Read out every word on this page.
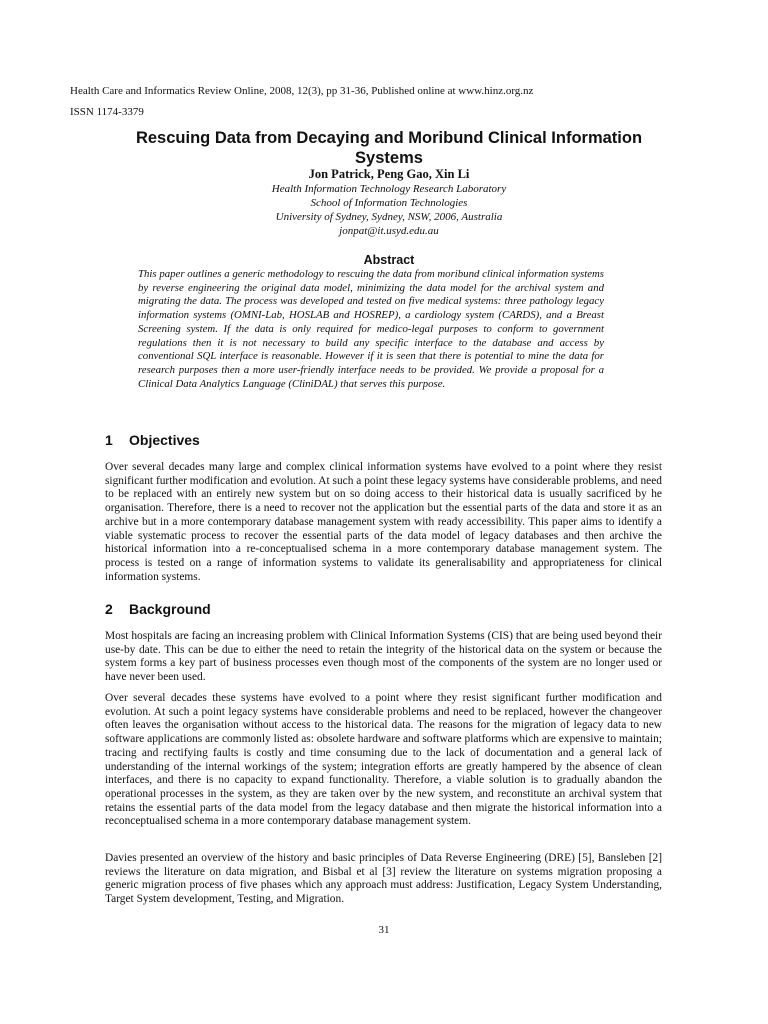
Health Care and Informatics Review Online, 2008, 12(3), pp 31-36, Published online at www.hinz.org.nz
ISSN 1174-3379
Rescuing Data from Decaying and Moribund Clinical Information Systems
Jon Patrick, Peng Gao, Xin Li
Health Information Technology Research Laboratory
School of Information Technologies
University of Sydney, Sydney, NSW, 2006, Australia
jonpat@it.usyd.edu.au
Abstract

This paper outlines a generic methodology to rescuing the data from moribund clinical information systems by reverse engineering the original data model, minimizing the data model for the archival system and migrating the data. The process was developed and tested on five medical systems: three pathology legacy information systems (OMNI-Lab, HOSLAB and HOSREP), a cardiology system (CARDS), and a Breast Screening system. If the data is only required for medico-legal purposes to conform to government regulations then it is not necessary to build any specific interface to the database and access by conventional SQL interface is reasonable. However if it is seen that there is potential to mine the data for research purposes then a more user-friendly interface needs to be provided. We provide a proposal for a Clinical Data Analytics Language (CliniDAL) that serves this purpose.

1 Objectives

Over several decades many large and complex clinical information systems have evolved to a point where they resist significant further modification and evolution. At such a point these legacy systems have considerable problems, and need to be replaced with an entirely new system but on so doing access to their historical data is usually sacrificed by he organisation. Therefore, there is a need to recover not the application but the essential parts of the data and store it as an archive but in a more contemporary database management system with ready accessibility. This paper aims to identify a viable systematic process to recover the essential parts of the data model of legacy databases and then archive the historical information into a re-conceptualised schema in a more contemporary database management system. The process is tested on a range of information systems to validate its generalisability and appropriateness for clinical information systems.

2 Background

Most hospitals are facing an increasing problem with Clinical Information Systems (CIS) that are being used beyond their use-by date. This can be due to either the need to retain the integrity of the historical data on the system or because the system forms a key part of business processes even though most of the components of the system are no longer used or have never been used.

Over several decades these systems have evolved to a point where they resist significant further modification and evolution. At such a point legacy systems have considerable problems and need to be replaced, however the changeover often leaves the organisation without access to the historical data. The reasons for the migration of legacy data to new software applications are commonly listed as: obsolete hardware and software platforms which are expensive to maintain; tracing and rectifying faults is costly and time consuming due to the lack of documentation and a general lack of understanding of the internal workings of the system; integration efforts are greatly hampered by the absence of clean interfaces, and there is no capacity to expand functionality. Therefore, a viable solution is to gradually abandon the operational processes in the system, as they are taken over by the new system, and reconstitute an archival system that retains the essential parts of the data model from the legacy database and then migrate the historical information into a reconceptualised schema in a more contemporary database management system.

Davies presented an overview of the history and basic principles of Data Reverse Engineering (DRE) [5], Bansleben [2] reviews the literature on data migration, and Bisbal et al [3] review the literature on systems migration proposing a generic migration process of five phases which any approach must address: Justification, Legacy System Understanding, Target System development, Testing, and Migration.

31
